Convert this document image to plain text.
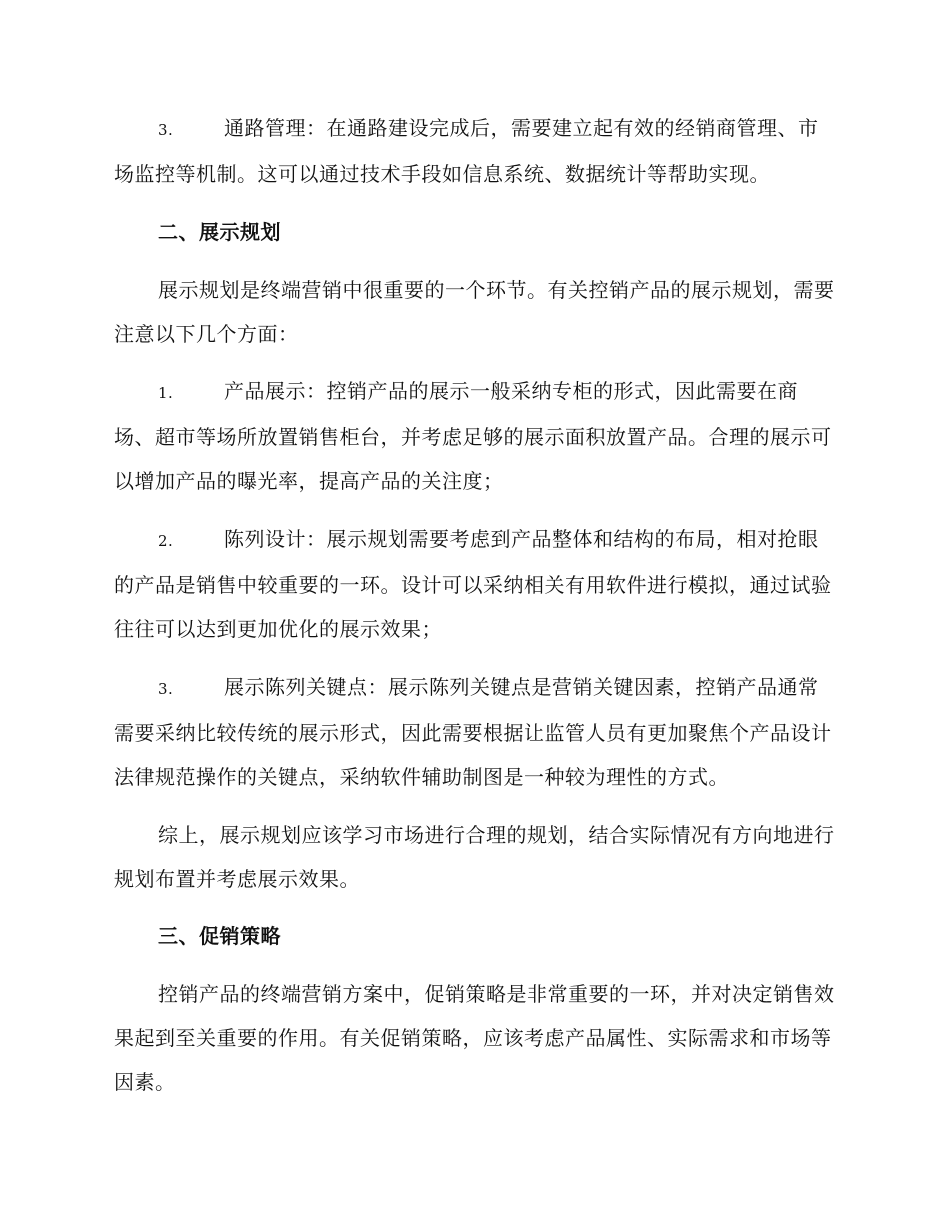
3.	通路管理：在通路建设完成后，需要建立起有效的经销商管理、市场监控等机制。这可以通过技术手段如信息系统、数据统计等帮助实现。

二、展示规划

展示规划是终端营销中很重要的一个环节。有关控销产品的展示规划，需要注意以下几个方面：

1.	产品展示：控销产品的展示一般采纳专柜的形式，因此需要在商场、超市等场所放置销售柜台，并考虑足够的展示面积放置产品。合理的展示可以增加产品的曝光率，提高产品的关注度；

2.	陈列设计：展示规划需要考虑到产品整体和结构的布局，相对抢眼的产品是销售中较重要的一环。设计可以采纳相关有用软件进行模拟，通过试验往往可以达到更加优化的展示效果；

3.	展示陈列关键点：展示陈列关键点是营销关键因素，控销产品通常需要采纳比较传统的展示形式，因此需要根据让监管人员有更加聚焦个产品设计法律规范操作的关键点，采纳软件辅助制图是一种较为理性的方式。

综上，展示规划应该学习市场进行合理的规划，结合实际情况有方向地进行规划布置并考虑展示效果。

三、促销策略

控销产品的终端营销方案中，促销策略是非常重要的一环，并对决定销售效果起到至关重要的作用。有关促销策略，应该考虑产品属性、实际需求和市场等因素。
